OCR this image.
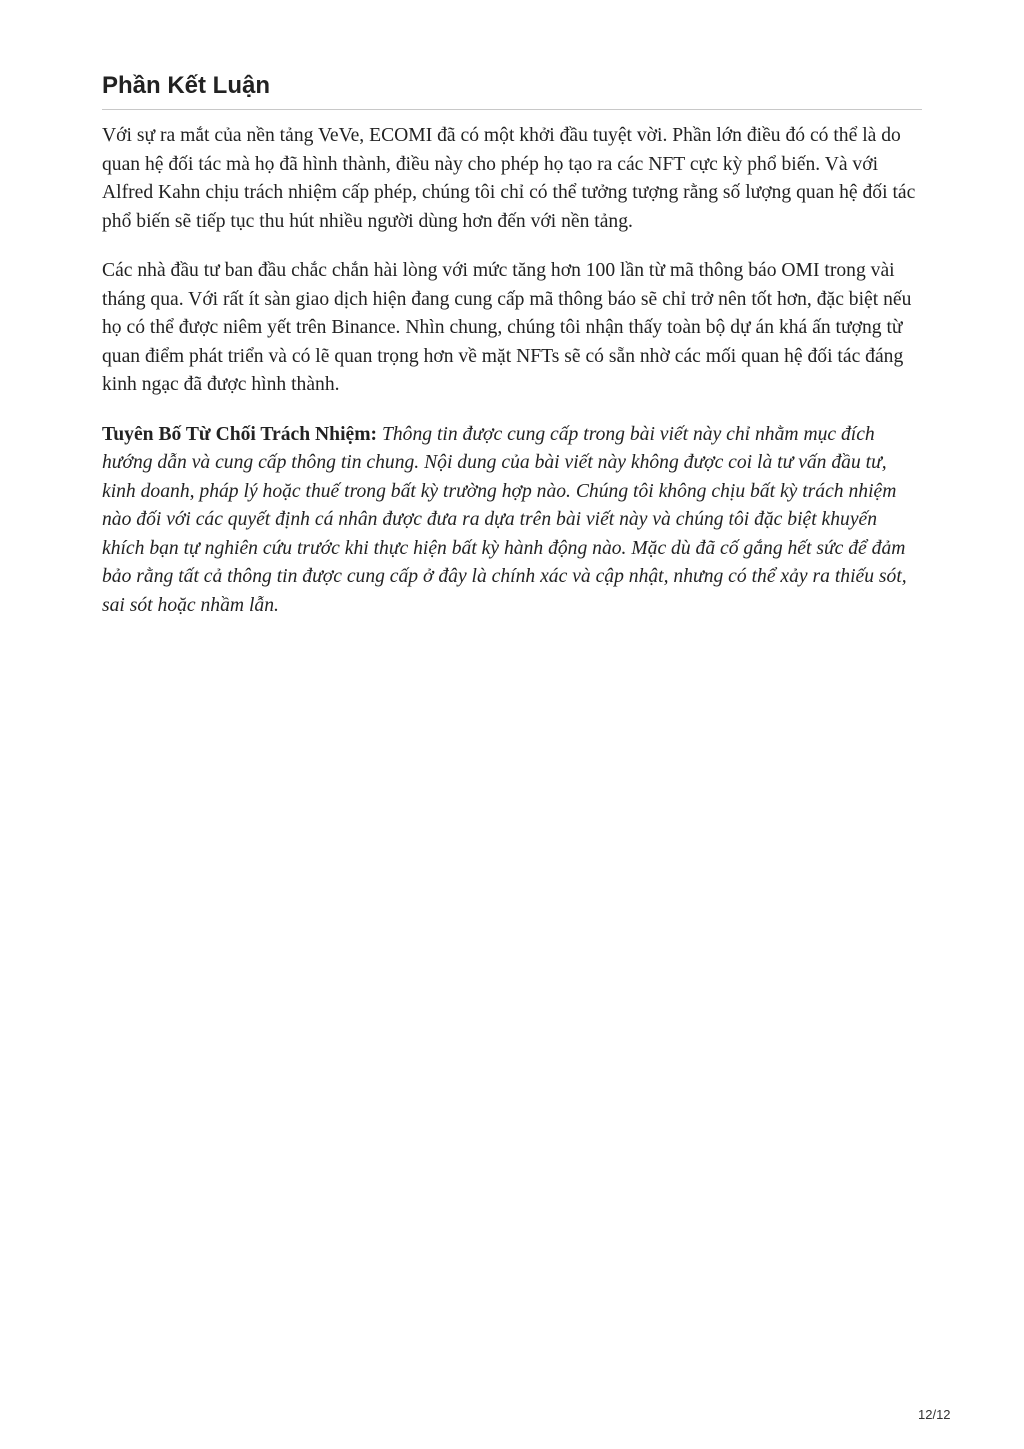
Phần Kết Luận

Với sự ra mắt của nền tảng VeVe, ECOMI đã có một khởi đầu tuyệt vời. Phần lớn điều đó có thể là do quan hệ đối tác mà họ đã hình thành, điều này cho phép họ tạo ra các NFT cực kỳ phổ biến. Và với Alfred Kahn chịu trách nhiệm cấp phép, chúng tôi chỉ có thể tưởng tượng rằng số lượng quan hệ đối tác phổ biến sẽ tiếp tục thu hút nhiều người dùng hơn đến với nền tảng.

Các nhà đầu tư ban đầu chắc chắn hài lòng với mức tăng hơn 100 lần từ mã thông báo OMI trong vài tháng qua. Với rất ít sàn giao dịch hiện đang cung cấp mã thông báo sẽ chỉ trở nên tốt hơn, đặc biệt nếu họ có thể được niêm yết trên Binance. Nhìn chung, chúng tôi nhận thấy toàn bộ dự án khá ấn tượng từ quan điểm phát triển và có lẽ quan trọng hơn về mặt NFTs sẽ có sẵn nhờ các mối quan hệ đối tác đáng kinh ngạc đã được hình thành.

Tuyên Bố Từ Chối Trách Nhiệm: Thông tin được cung cấp trong bài viết này chỉ nhằm mục đích hướng dẫn và cung cấp thông tin chung. Nội dung của bài viết này không được coi là tư vấn đầu tư, kinh doanh, pháp lý hoặc thuế trong bất kỳ trường hợp nào. Chúng tôi không chịu bất kỳ trách nhiệm nào đối với các quyết định cá nhân được đưa ra dựa trên bài viết này và chúng tôi đặc biệt khuyến khích bạn tự nghiên cứu trước khi thực hiện bất kỳ hành động nào. Mặc dù đã cố gắng hết sức để đảm bảo rằng tất cả thông tin được cung cấp ở đây là chính xác và cập nhật, nhưng có thể xảy ra thiếu sót, sai sót hoặc nhầm lẫn.

12/12
